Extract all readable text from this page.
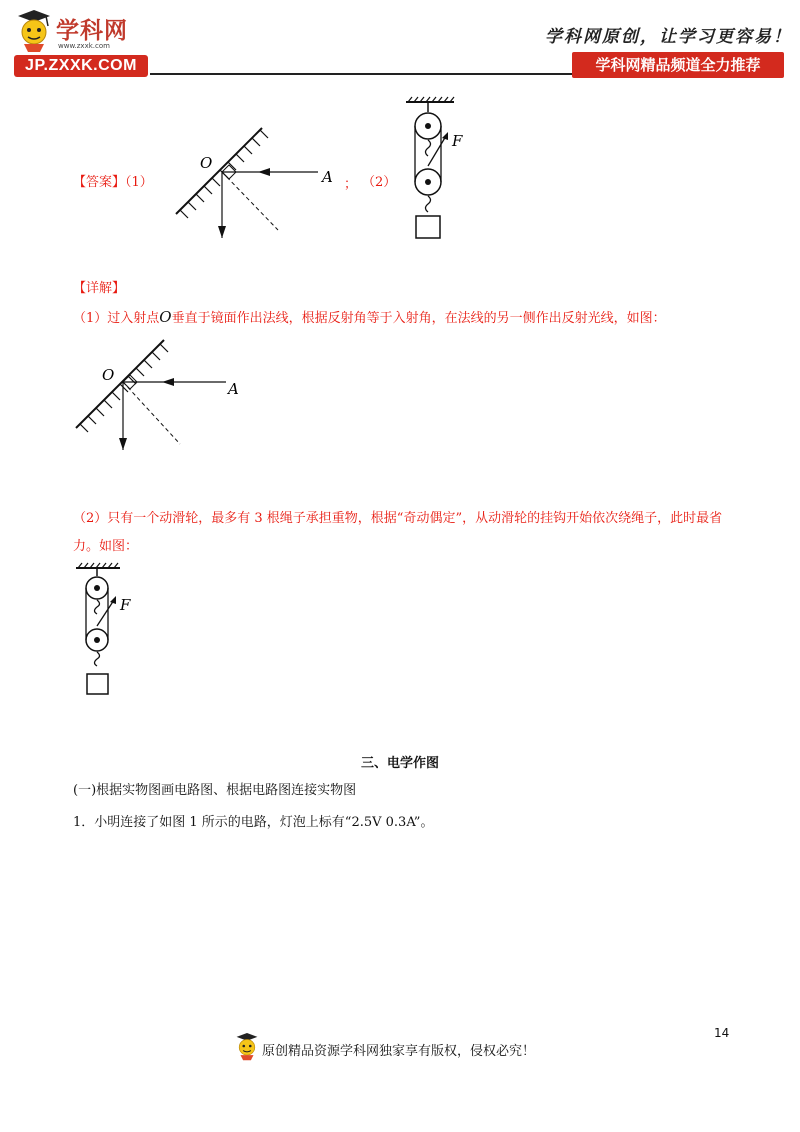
学科网
www.zxxk.com
JP.ZXXK.COM
学科网原创，让学习更容易！
学科网精品频道全力推荐
【答案】（1）
O
A ； （2）
F
【详解】
（1）过入射点O垂直于镜面作出法线，根据反射角等于入射角，在法线的另一侧作出反射光线，如图：
O
A
（2）只有一个动滑轮，最多有 3 根绳子承担重物，根据“奇动偶定”，从动滑轮的挂钩开始依次绕绳子，此时最省力。如图：
F
三、电学作图
(一)根据实物图画电路图、根据电路图连接实物图
1．小明连接了如图 1 所示的电路，灯泡上标有“2.5V 0.3A”。
14
原创精品资源学科网独家享有版权，侵权必究！
